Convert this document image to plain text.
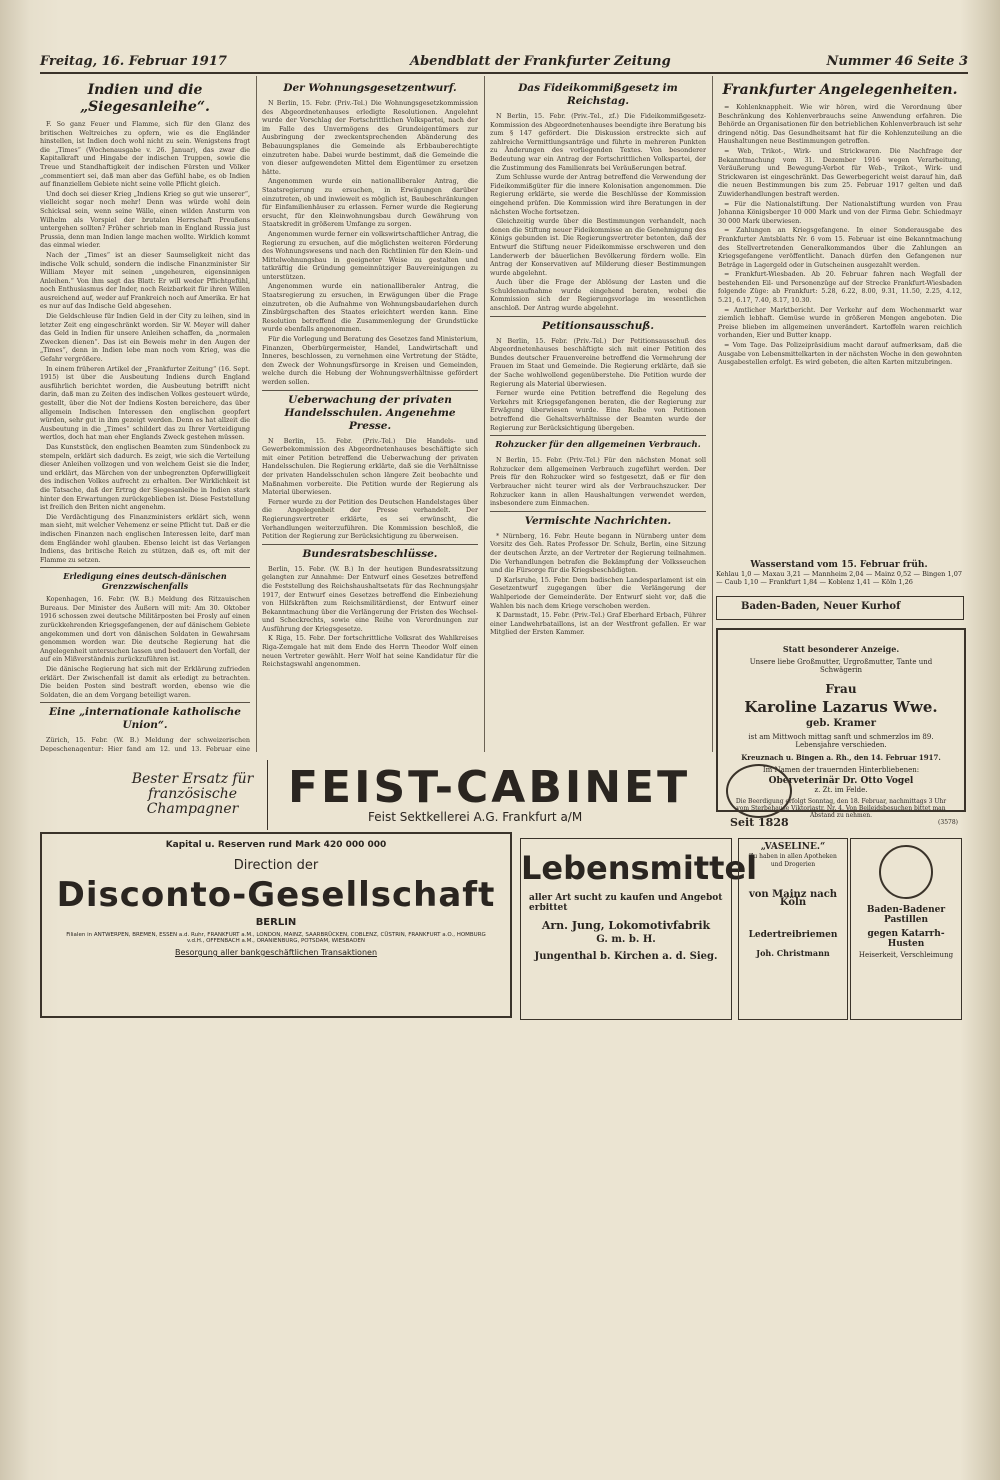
Freitag, 16. Februar 1917	Abendblatt der Frankfurter Zeitung	Nummer 46 Seite 3
Indien und die „Siegesanleihe“.

F. So ganz Feuer und Flamme, sich für den Glanz des britischen Weltreiches zu opfern, wie es die Engländer hinstellen, ist Indien doch wohl nicht zu sein. Wenigstens fragt die „Times“ (Wochenausgabe v. 26. Januar), das zwar die Kapitalkraft und Hingabe der indischen Truppen, sowie die Treue und Standhaftigkeit der indischen Fürsten und Völker „commentiert sei, daß man aber das Gefühl habe, es ob Indien auf finanziellem Gebiete nicht seine volle Pflicht gleich.

Und doch sei dieser Krieg „Indiens Krieg so gut wie unserer“, vielleicht sogar noch mehr! Denn was würde wohl dein Schicksal sein, wenn seine Wälle, einen wilden Ansturm von Wilhelm als Vorspiel der brutalen Herrschaft Preußens untergehen sollten? Früher schrieb man in England Russia just Prussia, denn man Indien lange machen wollte. Wirklich kommt das einmal wieder.

Nach der „Times“ ist an dieser Saumseligkeit nicht das indische Volk schuld, sondern die indische Finanzminister Sir William Meyer mit seinen „ungeheuren, eigensinnigen Anleihen.“ Von ihm sagt das Blatt: Er will weder Pflichtgefühl, noch Enthusiasmus der Inder, noch Reizbarkeit für ihren Willen ausreichend auf, weder auf Frankreich noch auf Amerika. Er hat es nur auf das Indische Geld abgesehen.

Die Geldschleuse für Indien Geld in der City zu leihen, sind in letzter Zeit eng eingeschränkt worden. Sir W. Meyer will daher das Geld in Indien für unsere Anleihen schaffen, da „normalen Zwecken dienen“. Das ist ein Beweis mehr in den Augen der „Times“, denn in Indien lebe man noch vom Krieg, was die Gefahr vergrößere.

In einem früheren Artikel der „Frankfurter Zeitung“ (16. Sept. 1915) ist über die Ausbeutung Indiens durch England ausführlich berichtet worden, die Ausbeutung betrifft nicht darin, daß man zu Zeiten des indischen Volkes gesteuert würde, gestellt, über die Not der Indiens Kosten bereichere, das über allgemein Indischen Interessen den englischen geopfert würden, sehr gut in ihm gezeigt werden. Denn es hat allzeit die Ausbeutung in die „Times“ schildert das zu Ihrer Verteidigung wertlos, doch hat man eher Englands Zweck gestehen müssen.

Das Kunststück, den englischen Beamten zum Sündenbock zu stempeln, erklärt sich dadurch. Es zeigt, wie sich die Verteilung dieser Anleihen vollzogen und von welchem Geist sie die Inder, und erklärt, das Märchen von der unbegrenzten Opferwilligkeit des indischen Volkes aufrecht zu erhalten. Der Wirklichkeit ist die Tatsache, daß der Ertrag der Siegesanleihe in Indien stark hinter den Erwartungen zurückgeblieben ist. Diese Feststellung ist freilich den Briten nicht angenehm.

Die Verdächtigung des Finanzministers erklärt sich, wenn man sieht, mit welcher Vehemenz er seine Pflicht tut. Daß er die indischen Finanzen nach englischen Interessen leite, darf man dem Engländer wohl glauben. Ebenso leicht ist das Verlangen Indiens, das britische Reich zu stützen, daß es, oft mit der Flamme zu setzen.

Erledigung eines deutsch-dänischen Grenzzwischenfalls

Kopenhagen, 16. Febr. (W. B.) Meldung des Ritzauischen Bureaus. Der Minister des Äußern will mit: Am 30. Oktober 1916 schossen zwei deutsche Militärposten bei Frosly auf einen zurückkehrenden Kriegsgefangenen, der auf dänischem Gebiete angekommen und dort von dänischen Soldaten in Gewahrsam genommen worden war. Die deutsche Regierung hat die Angelegenheit untersuchen lassen und bedauert den Vorfall, der auf ein Mißverständnis zurückzuführen ist.

Die dänische Regierung hat sich mit der Erklärung zufrieden erklärt. Der Zwischenfall ist damit als erledigt zu betrachten. Die beiden Posten sind bestraft worden, ebenso wie die Soldaten, die an dem Vorgang beteiligt waren.

Eine „internationale katholische Union“.

Zürich, 15. Febr. (W. B.) Meldung der schweizerischen Depeschenagentur: Hier fand am 12. und 13. Februar eine

Der Wohnungsgesetzentwurf.

N Berlin, 15. Febr. (Priv.-Tel.) Die Wohnungsgesetzkommission des Abgeordnetenhauses erledigte Resolutionen. Angelehnt wurde der Vorschlag der Fortschrittlichen Volkspartei, nach der im Falle des Unvermögens des Grundeigentümers zur Ausbringung der zweckentsprechenden Abänderung des Bebauungsplanes die Gemeinde als Erbbauberechtigte einzutreten habe. Dabei wurde bestimmt, daß die Gemeinde die von dieser aufgewendeten Mittel dem Eigentümer zu ersetzen hätte.

Angenommen wurde ein nationalliberaler Antrag, die Staatsregierung zu ersuchen, in Erwägungen darüber einzutreten, ob und inwieweit es möglich ist, Baubeschränkungen für Einfamilienhäuser zu erlassen. Ferner wurde die Regierung ersucht, für den Kleinwohnungsbau durch Gewährung von Staatskredit in größerem Umfange zu sorgen.

Angenommen wurde ferner ein volkswirtschaftlicher Antrag, die Regierung zu ersuchen, auf die möglichsten weiteren Förderung des Wohnungswesens und nach den Richtlinien für den Klein- und Mittelwohnungsbau in geeigneter Weise zu gestalten und tatkräftig die Gründung gemeinnütziger Bauvereinigungen zu unterstützen.

Angenommen wurde ein nationalliberaler Antrag, die Staatsregierung zu ersuchen, in Erwägungen über die Frage einzutreten, ob die Aufnahme von Wohnungsbaudarlehen durch Zinsbürgschaften des Staates erleichtert werden kann. Eine Resolution betreffend die Zusammenlegung der Grundstücke wurde ebenfalls angenommen.

Für die Vorlegung und Beratung des Gesetzes fand Ministerium, Finanzen, Oberbürgermeister, Handel, Landwirtschaft und Inneres, beschlossen, zu vernehmen eine Vertretung der Städte, den Zweck der Wohnungsfürsorge in Kreisen und Gemeinden, welche durch die Hebung der Wohnungsverhältnisse gefördert werden sollen.

Ueberwachung der privaten Handelsschulen. Angenehme Presse.

N Berlin, 15. Febr. (Priv.-Tel.) Die Handels- und Gewerbekommission des Abgeordnetenhauses beschäftigte sich mit einer Petition betreffend die Ueberwachung der privaten Handelsschulen. Die Regierung erklärte, daß sie die Verhältnisse der privaten Handelsschulen schon längere Zeit beobachte und Maßnahmen vorbereite. Die Petition wurde der Regierung als Material überwiesen.

Ferner wurde zu der Petition des Deutschen Handelstages über die Angelegenheit der Presse verhandelt. Der Regierungsvertreter erklärte, es sei erwünscht, die Verhandlungen weiterzuführen. Die Kommission beschloß, die Petition der Regierung zur Berücksichtigung zu überweisen.

Bundesratsbeschlüsse.

Berlin, 15. Febr. (W. B.) In der heutigen Bundesratssitzung gelangten zur Annahme: Der Entwurf eines Gesetzes betreffend die Feststellung des Reichshaushaltsetats für das Rechnungsjahr 1917, der Entwurf eines Gesetzes betreffend die Einbeziehung von Hilfskräften zum Reichsmilitärdienst, der Entwurf einer Bekanntmachung über die Verlängerung der Fristen des Wechsel- und Scheckrechts, sowie eine Reihe von Verordnungen zur Ausführung der Kriegsgesetze.

K Riga, 15. Febr. Der fortschrittliche Volksrat des Wahlkreises Riga-Zemgale hat mit dem Ende des Herrn Theodor Wolf einen neuen Vertreter gewählt. Herr Wolf hat seine Kandidatur für die Reichstagswahl angenommen.

Das Fideikommißgesetz im Reichstag.

N Berlin, 15. Febr. (Priv.-Tel., zf.) Die Fideikommißgesetz-Kommission des Abgeordnetenhauses beendigte ihre Beratung bis zum § 147 gefördert. Die Diskussion erstreckte sich auf zahlreiche Vermittlungsanträge und führte in mehreren Punkten zu Änderungen des vorliegenden Textes. Von besonderer Bedeutung war ein Antrag der Fortschrittlichen Volkspartei, der die Zustimmung des Familienrats bei Veräußerungen betraf.

Zum Schlusse wurde der Antrag betreffend die Verwendung der Fideikommißgüter für die innere Kolonisation angenommen. Die Regierung erklärte, sie werde die Beschlüsse der Kommission eingehend prüfen. Die Kommission wird ihre Beratungen in der nächsten Woche fortsetzen.

Gleichzeitig wurde über die Bestimmungen verhandelt, nach denen die Stiftung neuer Fideikommisse an die Genehmigung des Königs gebunden ist. Die Regierungsvertreter betonten, daß der Entwurf die Stiftung neuer Fideikommisse erschweren und den Landerwerb der bäuerlichen Bevölkerung fördern wolle. Ein Antrag der Konservativen auf Milderung dieser Bestimmungen wurde abgelehnt.

Auch über die Frage der Ablösung der Lasten und die Schuldenaufnahme wurde eingehend beraten, wobei die Kommission sich der Regierungsvorlage im wesentlichen anschloß. Der Antrag wurde abgelehnt.

Petitionsausschuß.

N Berlin, 15. Febr. (Priv.-Tel.) Der Petitionsausschuß des Abgeordnetenhauses beschäftigte sich mit einer Petition des Bundes deutscher Frauenvereine betreffend die Vermehrung der Frauen im Staat und Gemeinde. Die Regierung erklärte, daß sie der Sache wohlwollend gegenüberstehe. Die Petition wurde der Regierung als Material überwiesen.

Ferner wurde eine Petition betreffend die Regelung des Verkehrs mit Kriegsgefangenen beraten, die der Regierung zur Erwägung überwiesen wurde. Eine Reihe von Petitionen betreffend die Gehaltsverhältnisse der Beamten wurde der Regierung zur Berücksichtigung übergeben.

Rohzucker für den allgemeinen Verbrauch.

N Berlin, 15. Febr. (Priv.-Tel.) Für den nächsten Monat soll Rohzucker dem allgemeinen Verbrauch zugeführt werden. Der Preis für den Rohzucker wird so festgesetzt, daß er für den Verbraucher nicht teurer wird als der Verbrauchszucker. Der Rohzucker kann in allen Haushaltungen verwendet werden, insbesondere zum Einmachen.

Vermischte Nachrichten.

* Nürnberg, 16. Febr. Heute begann in Nürnberg unter dem Vorsitz des Geh. Rates Professor Dr. Schulz, Berlin, eine Sitzung der deutschen Ärzte, an der Vertreter der Regierung teilnahmen. Die Verhandlungen betrafen die Bekämpfung der Volksseuchen und die Fürsorge für die Kriegsbeschädigten.

D Karlsruhe, 15. Febr. Dem badischen Landesparlament ist ein Gesetzentwurf zugegangen über die Verlängerung der Wahlperiode der Gemeinderäte. Der Entwurf sieht vor, daß die Wahlen bis nach dem Kriege verschoben werden.

K Darmstadt, 15. Febr. (Priv.-Tel.) Graf Eberhard Erbach, Führer einer Landwehrbataillons, ist an der Westfront gefallen. Er war Mitglied der Ersten Kammer.

Frankfurter Angelegenheiten.

= Kohlenknappheit. Wie wir hören, wird die Verordnung über Beschränkung des Kohlenverbrauchs seine Anwendung erfahren. Die Behörde an Organisationen für den betrieblichen Kohlenverbrauch ist sehr dringend nötig. Das Gesundheitsamt hat für die Kohlenzuteilung an die Haushaltungen neue Bestimmungen getroffen.

= Web, Trikot-, Wirk- und Strickwaren. Die Nachfrage der Bekanntmachung vom 31. Dezember 1916 wegen Verarbeitung, Veräußerung und Bewegung-Verbot für Web-, Trikot-, Wirk- und Strickwaren ist eingeschränkt. Das Gewerbegericht weist darauf hin, daß die neuen Bestimmungen bis zum 25. Februar 1917 gelten und daß Zuwiderhandlungen bestraft werden.

= Für die Nationalstiftung. Der Nationalstiftung wurden von Frau Johanna Königsberger 10 000 Mark und von der Firma Gebr. Schiedmayr 30 000 Mark überwiesen.

= Zahlungen an Kriegsgefangene. In einer Sonderausgabe des Frankfurter Amtsblatts Nr. 6 vom 15. Februar ist eine Bekanntmachung des Stellvertretenden Generalkommandos über die Zahlungen an Kriegsgefangene veröffentlicht. Danach dürfen den Gefangenen nur Beträge in Lagergeld oder in Gutscheinen ausgezahlt werden.

= Frankfurt-Wiesbaden. Ab 20. Februar fahren nach Wegfall der bestehenden Eil- und Personenzüge auf der Strecke Frankfurt-Wiesbaden folgende Züge: ab Frankfurt: 5.28, 6.22, 8.00, 9.31, 11.50, 2.25, 4.12, 5.21, 6.17, 7.40, 8.17, 10.30.

= Amtlicher Marktbericht. Der Verkehr auf dem Wochenmarkt war ziemlich lebhaft. Gemüse wurde in größeren Mengen angeboten. Die Preise blieben im allgemeinen unverändert. Kartoffeln waren reichlich vorhanden, Eier und Butter knapp.

= Vom Tage. Das Polizeipräsidium macht darauf aufmerksam, daß die Ausgabe von Lebensmittelkarten in der nächsten Woche in den gewohnten Ausgabestellen erfolgt. Es wird gebeten, die alten Karten mitzubringen.

Wasserstand vom 15. Februar früh.
Kehlau 1,0 — Maxau 3,21 — Mannheim 2,04 — Mainz 0,52 — Bingen 1,07 — Caub 1,10 — Frankfurt 1,84 — Koblenz 1,41 — Köln 1,26
Baden-Baden, Neuer Kurhof
Statt besonderer Anzeige.
Unsere liebe Großmutter, Urgroßmutter, Tante und Schwägerin
Frau
Karoline Lazarus Wwe.
geb. Kramer
ist am Mittwoch mittag sanft und schmerzlos im 89. Lebensjahre verschieden.
Kreuznach u. Bingen a. Rh., den 14. Februar 1917.
Im Namen der trauernden Hinterbliebenen:
Oberveterinär Dr. Otto Vogel
z. Zt. im Felde.
Die Beerdigung erfolgt Sonntag, den 18. Februar, nachmittags 3 Uhr vom Sterbehause Viktoriastr. Nr. 4. Von Beileidsbesuchen bittet man Abstand zu nehmen.
(3578)
Bester Ersatz für französische Champagner	FEIST-CABINET
Feist Sektkellerei A.G. Frankfurt a/M	Seit 1828
Kapital u. Reserven rund Mark 420 000 000
Direction der
Disconto-Gesellschaft
BERLIN
Filialen in ANTWERPEN, BREMEN, ESSEN a.d. Ruhr, FRANKFURT a.M., LONDON, MAINZ, SAARBRÜCKEN, COBLENZ, CÜSTRIN, FRANKFURT a.O., HOMBURG v.d.H., OFFENBACH a.M., ORANIENBURG, POTSDAM, WIESBADEN
Besorgung aller bankgeschäftlichen Transaktionen
Lebensmittel
aller Art sucht zu kaufen und Angebot erbittet
Arn. Jung, Lokomotivfabrik
G. m. b. H.
Jungenthal b. Kirchen a. d. Sieg.
„VASELINE.“
Zu haben in allen Apotheken und Drogerien
von Mainz nach Köln
Ledertreibriemen
Joh. Christmann
Baden-Badener Pastillen
gegen Katarrh-Husten
Heiserkeit, Verschleimung
